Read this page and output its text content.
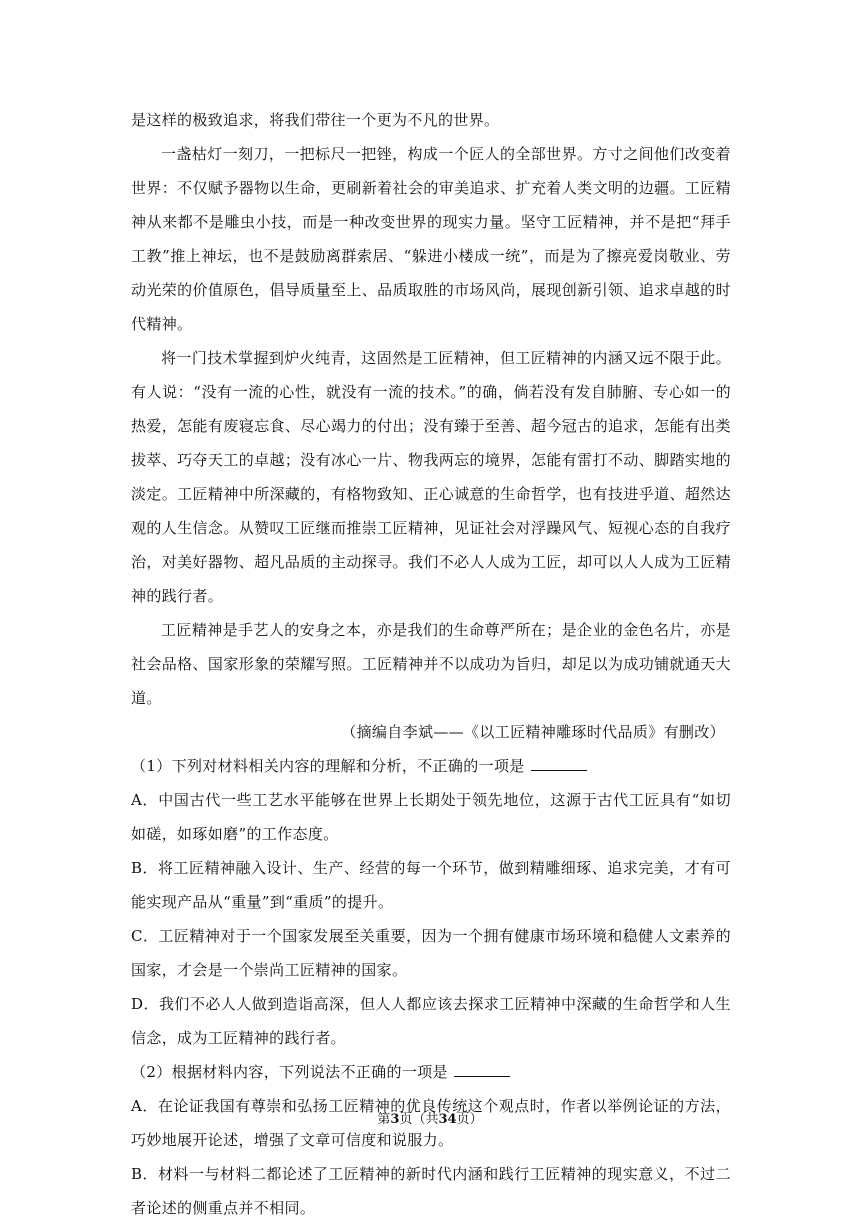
是这样的极致追求，将我们带往一个更为不凡的世界。

一盏枯灯一刻刀，一把标尺一把锉，构成一个匠人的全部世界。方寸之间他们改变着世界：不仅赋予器物以生命，更刷新着社会的审美追求、扩充着人类文明的边疆。工匠精神从来都不是雕虫小技，而是一种改变世界的现实力量。坚守工匠精神，并不是把“拜手工教”推上神坛，也不是鼓励离群索居、“躲进小楼成一统”，而是为了擦亮爱岗敬业、劳动光荣的价值原色，倡导质量至上、品质取胜的市场风尚，展现创新引领、追求卓越的时代精神。

将一门技术掌握到炉火纯青，这固然是工匠精神，但工匠精神的内涵又远不限于此。有人说：“没有一流的心性，就没有一流的技术。”的确，倘若没有发自肺腑、专心如一的热爱，怎能有废寝忘食、尽心竭力的付出；没有臻于至善、超今冠古的追求，怎能有出类拔萃、巧夺天工的卓越；没有冰心一片、物我两忘的境界，怎能有雷打不动、脚踏实地的淡定。工匠精神中所深藏的，有格物致知、正心诚意的生命哲学，也有技进乎道、超然达观的人生信念。从赞叹工匠继而推崇工匠精神，见证社会对浮躁风气、短视心态的自我疗治，对美好器物、超凡品质的主动探寻。我们不必人人成为工匠，却可以人人成为工匠精神的践行者。

工匠精神是手艺人的安身之本，亦是我们的生命尊严所在；是企业的金色名片，亦是社会品格、国家形象的荣耀写照。工匠精神并不以成功为旨归，却足以为成功铺就通天大道。

（摘编自李斌——《以工匠精神雕琢时代品质》有删改）

（1）下列对材料相关内容的理解和分析，不正确的一项是

A．中国古代一些工艺水平能够在世界上长期处于领先地位，这源于古代工匠具有“如切如磋，如琢如磨”的工作态度。

B．将工匠精神融入设计、生产、经营的每一个环节，做到精雕细琢、追求完美，才有可能实现产品从“重量”到“重质”的提升。

C．工匠精神对于一个国家发展至关重要，因为一个拥有健康市场环境和稳健人文素养的国家，才会是一个崇尚工匠精神的国家。

D．我们不必人人做到造诣高深，但人人都应该去探求工匠精神中深藏的生命哲学和人生信念，成为工匠精神的践行者。

（2）根据材料内容，下列说法不正确的一项是

A．在论证我国有尊崇和弘扬工匠精神的优良传统这个观点时，作者以举例论证的方法，巧妙地展开论述，增强了文章可信度和说服力。

B．材料一与材料二都论述了工匠精神的新时代内涵和践行工匠精神的现实意义，不过二者论述的侧重点并不相同。

第3页（共34页）
